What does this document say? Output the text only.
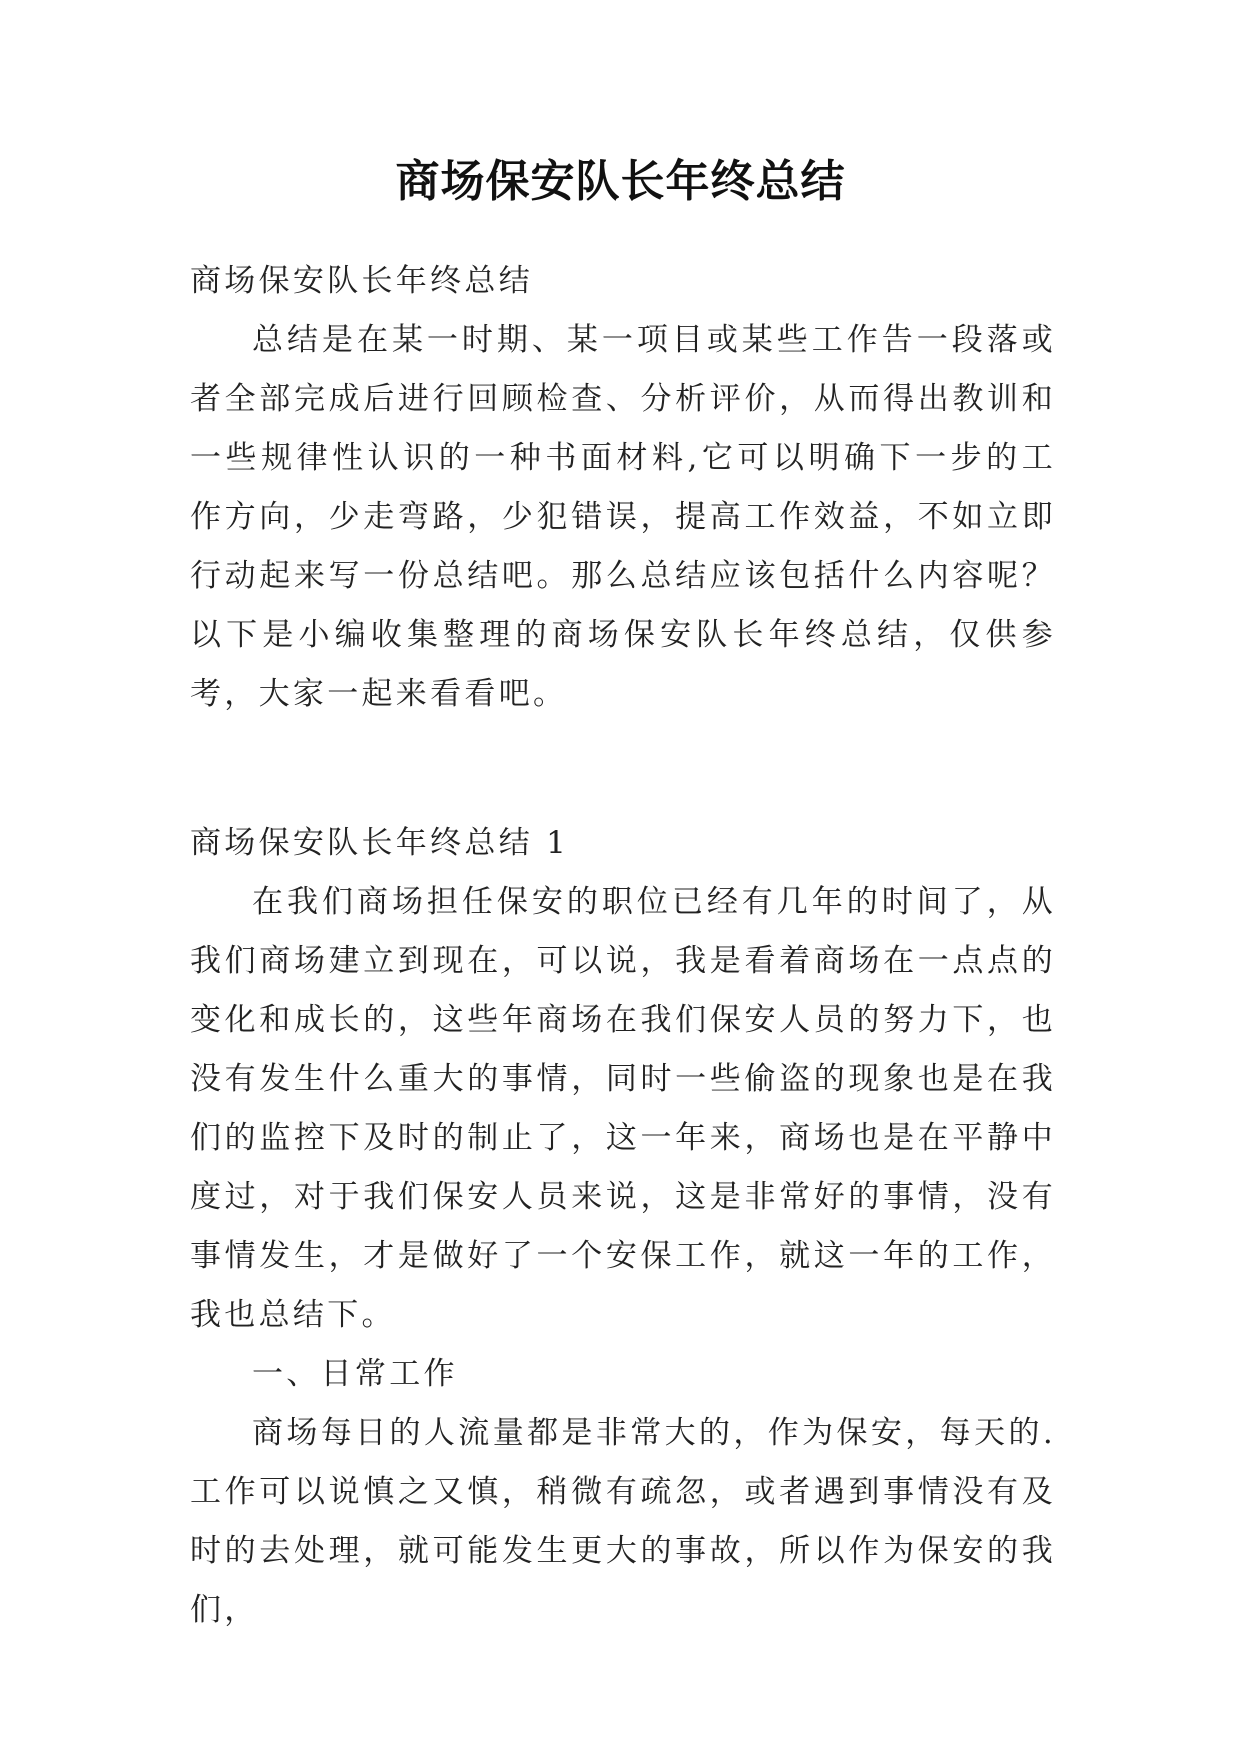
商场保安队长年终总结

商场保安队长年终总结

总结是在某一时期、某一项目或某些工作告一段落或者全部完成后进行回顾检查、分析评价，从而得出教训和一些规律性认识的一种书面材料,它可以明确下一步的工作方向，少走弯路，少犯错误，提高工作效益，不如立即行动起来写一份总结吧。那么总结应该包括什么内容呢？以下是小编收集整理的商场保安队长年终总结，仅供参考，大家一起来看看吧。

商场保安队长年终总结 1

在我们商场担任保安的职位已经有几年的时间了，从我们商场建立到现在，可以说，我是看着商场在一点点的变化和成长的，这些年商场在我们保安人员的努力下，也没有发生什么重大的事情，同时一些偷盗的现象也是在我们的监控下及时的制止了，这一年来，商场也是在平静中度过，对于我们保安人员来说，这是非常好的事情，没有事情发生，才是做好了一个安保工作，就这一年的工作，我也总结下。

一、日常工作

商场每日的人流量都是非常大的，作为保安，每天的.工作可以说慎之又慎，稍微有疏忽，或者遇到事情没有及时的去处理，就可能发生更大的事故，所以作为保安的我们，
